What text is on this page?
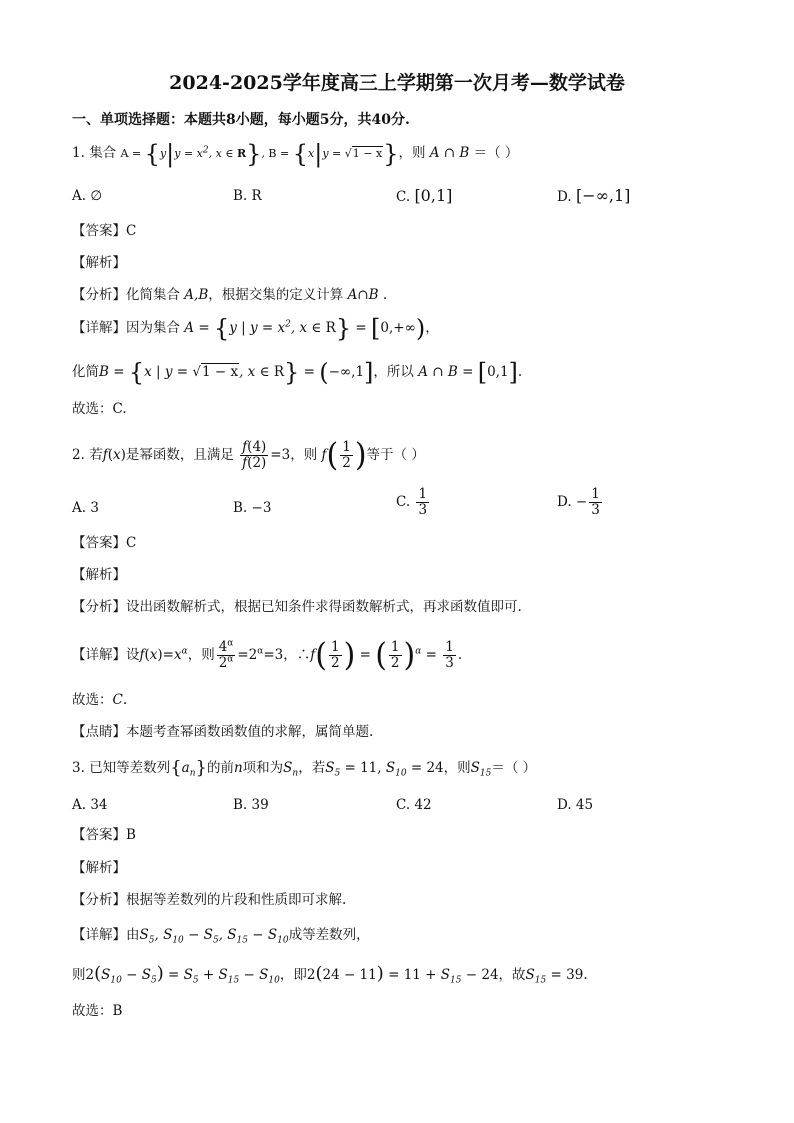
2024-2025学年度高三上学期第一次月考—数学试卷
一、单项选择题：本题共8小题，每小题5分，共40分.
1. 集合 $A = \{y|y = x^2$, x ∈ R}, B = {x|y = √1 − x}，则 A ∩ B ＝（ ）
A. ∅	B. R	C. [0,1]	D. [−∞,1]
【答案】C
【解析】
【分析】化简集合 A,B，根据交集的定义计算 A∩B .
【详解】因为集合 A = {y | $y = x^2$, x ∈ R} = [0,+∞)，
化简B = {x | y = √1 − x, x ∈ R} = (−∞,1]，所以 A ∩ B = [0,1].
故选：C.
2. 若f(x)是幂函数，且满足 $\frac{f(4)}{f(2)} =3$，则 $f( \frac{1}{2}$ )等于（ ）
A. 3	B. −3	C. $\frac{1}{3}$	D. − $\frac{1}{3}$
【答案】C
【解析】
【分析】设出函数解析式，根据已知条件求得函数解析式，再求函数值即可.
【详解】设$f(x)=x^\alpha$，则 $\frac{4^\alpha}{2^\alpha} =2^\alpha=3$，∴f( $\frac{1}{2}$ ) = ( $\frac{1}{2} )^\alpha = \frac{1}{3}$ .
故选：C.
【点睛】本题考查幂函数函数值的求解，属简单题.
3. 已知等差数列$\{a_n\}$的前n项和为$S_n$，若$S_5 = 11$, $S_{10} = 24$，则$S_{15}=$（ ）
A. 34	B. 39	C. 42	D. 45
【答案】B
【解析】
【分析】根据等差数列的片段和性质即可求解.
【详解】由$S_5$, $S_{10} - S_5$, $S_{15} - S_{10}$成等差数列，
则$2(S_{10} - S_5) = S_5 + S_{15} - S_{10}$，即$2(24 - 11) = 11 + S_{15} - 24$，故$S_{15} = 39$.
故选：B
